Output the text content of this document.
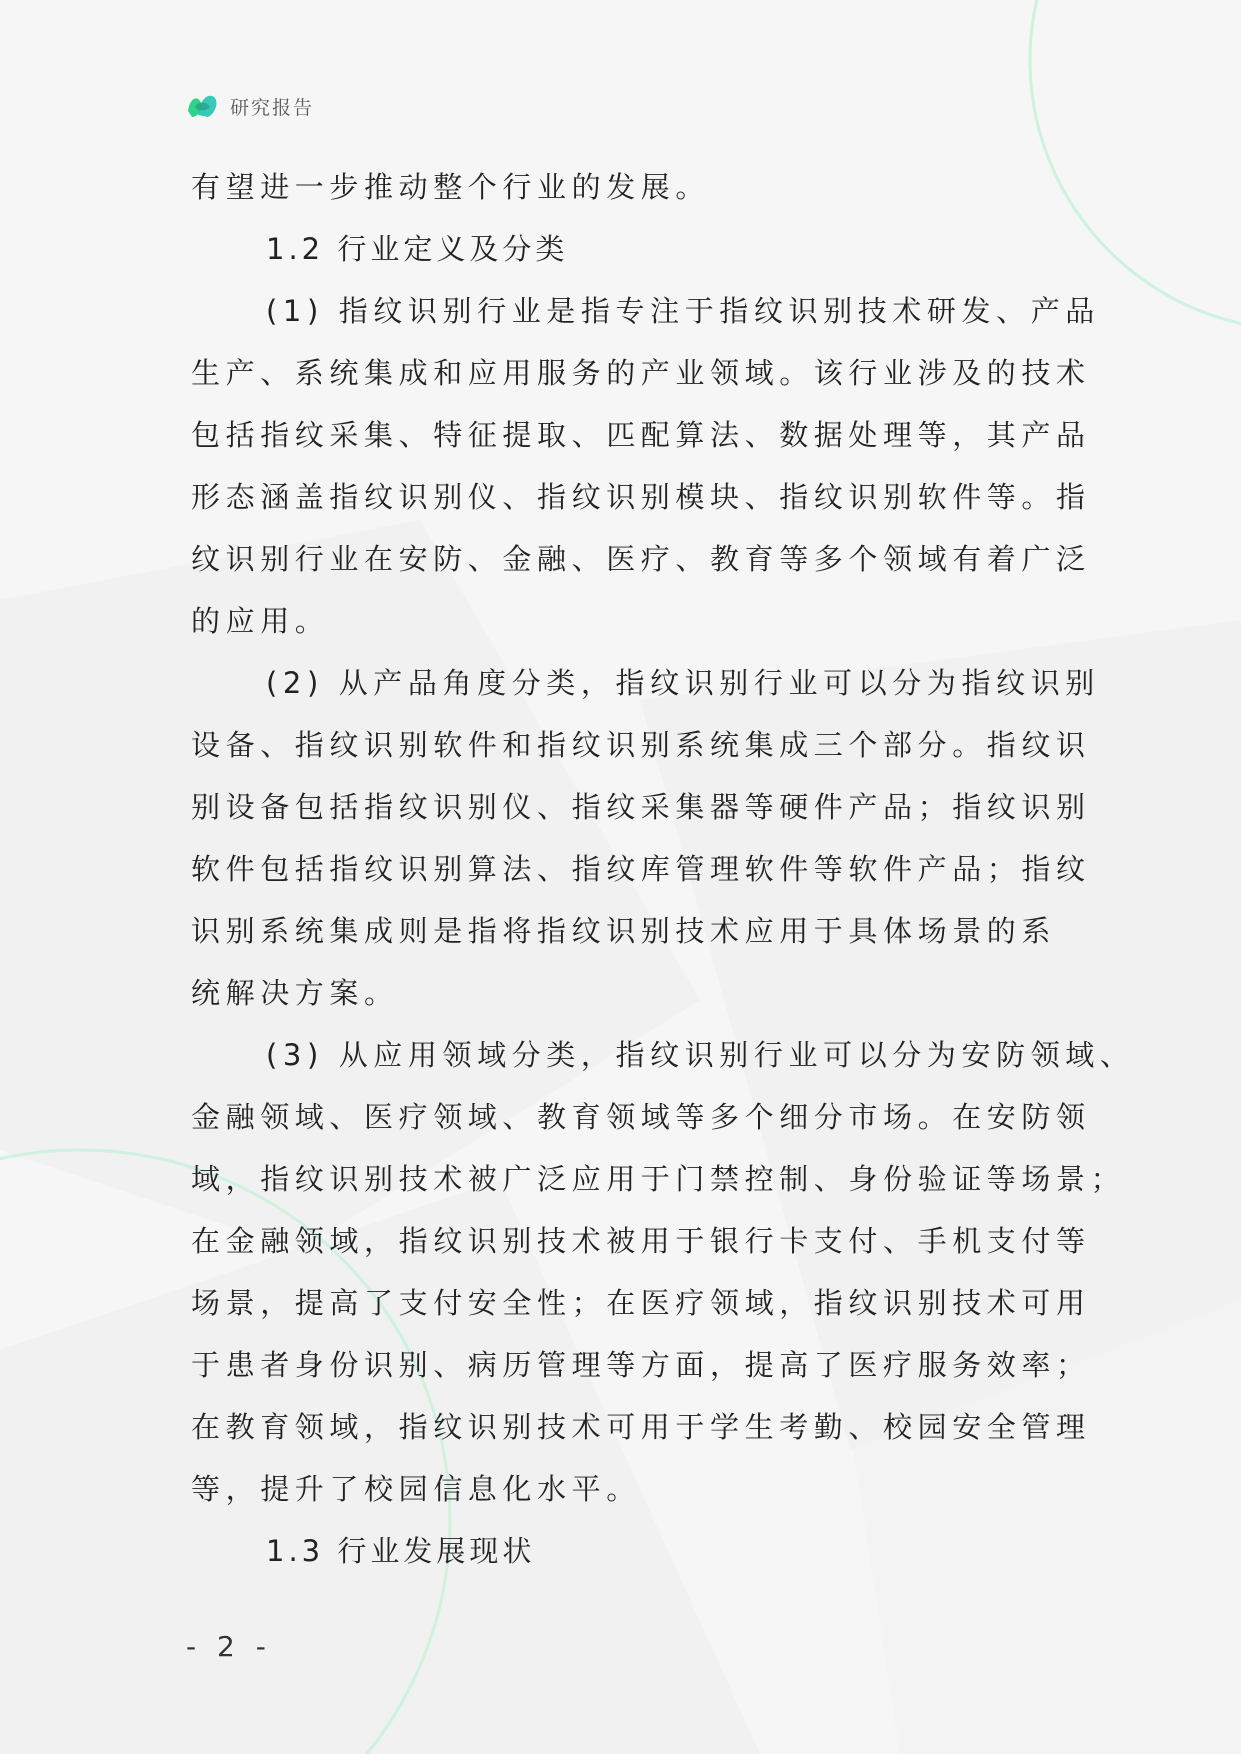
研究报告
有望进一步推动整个行业的发展。
1.2 行业定义及分类
(1) 指纹识别行业是指专注于指纹识别技术研发、产品
生产、系统集成和应用服务的产业领域。该行业涉及的技术
包括指纹采集、特征提取、匹配算法、数据处理等，其产品
形态涵盖指纹识别仪、指纹识别模块、指纹识别软件等。指
纹识别行业在安防、金融、医疗、教育等多个领域有着广泛
的应用。
(2) 从产品角度分类，指纹识别行业可以分为指纹识别
设备、指纹识别软件和指纹识别系统集成三个部分。指纹识
别设备包括指纹识别仪、指纹采集器等硬件产品；指纹识别
软件包括指纹识别算法、指纹库管理软件等软件产品；指纹
识别系统集成则是指将指纹识别技术应用于具体场景的系
统解决方案。
(3) 从应用领域分类，指纹识别行业可以分为安防领域、
金融领域、医疗领域、教育领域等多个细分市场。在安防领
域，指纹识别技术被广泛应用于门禁控制、身份验证等场景；
在金融领域，指纹识别技术被用于银行卡支付、手机支付等
场景，提高了支付安全性；在医疗领域，指纹识别技术可用
于患者身份识别、病历管理等方面，提高了医疗服务效率；
在教育领域，指纹识别技术可用于学生考勤、校园安全管理
等，提升了校园信息化水平。
1.3 行业发展现状
- 2 -
